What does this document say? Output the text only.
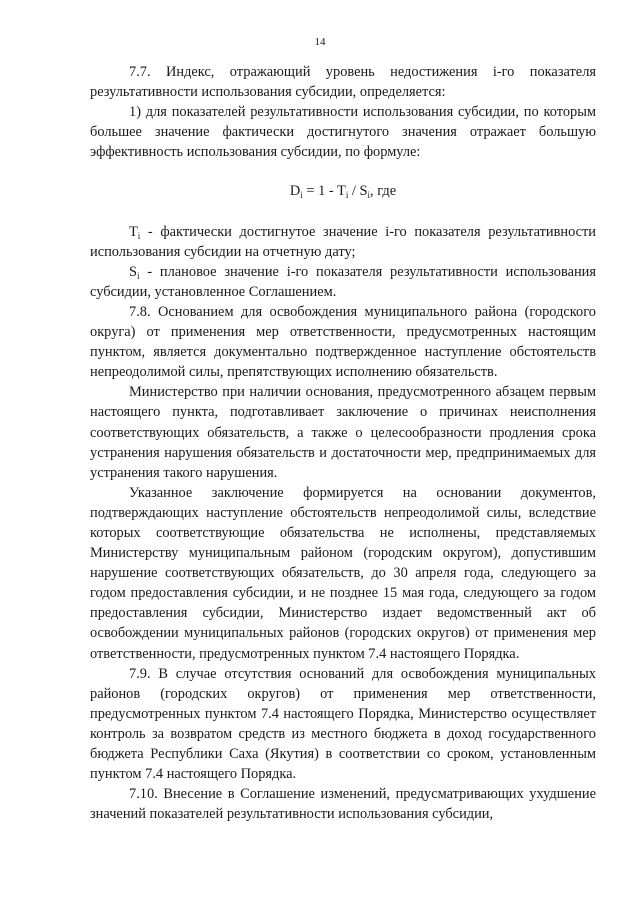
14

7.7. Индекс, отражающий уровень недостижения i-го показателя результативности использования субсидии, определяется:

1) для показателей результативности использования субсидии, по которым большее значение фактически достигнутого значения отражает большую эффективность использования субсидии, по формуле:

$D_i = 1 - T_i / S_i$, где

$T_i$ - фактически достигнутое значение i-го показателя результативности использования субсидии на отчетную дату;

$S_i$ - плановое значение i-го показателя результативности использования субсидии, установленное Соглашением.

7.8. Основанием для освобождения муниципального района (городского округа) от применения мер ответственности, предусмотренных настоящим пунктом, является документально подтвержденное наступление обстоятельств непреодолимой силы, препятствующих исполнению обязательств.

Министерство при наличии основания, предусмотренного абзацем первым настоящего пункта, подготавливает заключение о причинах неисполнения соответствующих обязательств, а также о целесообразности продления срока устранения нарушения обязательств и достаточности мер, предпринимаемых для устранения такого нарушения.

Указанное заключение формируется на основании документов, подтверждающих наступление обстоятельств непреодолимой силы, вследствие которых соответствующие обязательства не исполнены, представляемых Министерству муниципальным районом (городским округом), допустившим нарушение соответствующих обязательств, до 30 апреля года, следующего за годом предоставления субсидии, и не позднее 15 мая года, следующего за годом предоставления субсидии, Министерство издает ведомственный акт об освобождении муниципальных районов (городских округов) от применения мер ответственности, предусмотренных пунктом 7.4 настоящего Порядка.

7.9. В случае отсутствия оснований для освобождения муниципальных районов (городских округов) от применения мер ответственности, предусмотренных пунктом 7.4 настоящего Порядка, Министерство осуществляет контроль за возвратом средств из местного бюджета в доход государственного бюджета Республики Саха (Якутия) в соответствии со сроком, установленным пунктом 7.4 настоящего Порядка.

7.10. Внесение в Соглашение изменений, предусматривающих ухудшение значений показателей результативности использования субсидии,
